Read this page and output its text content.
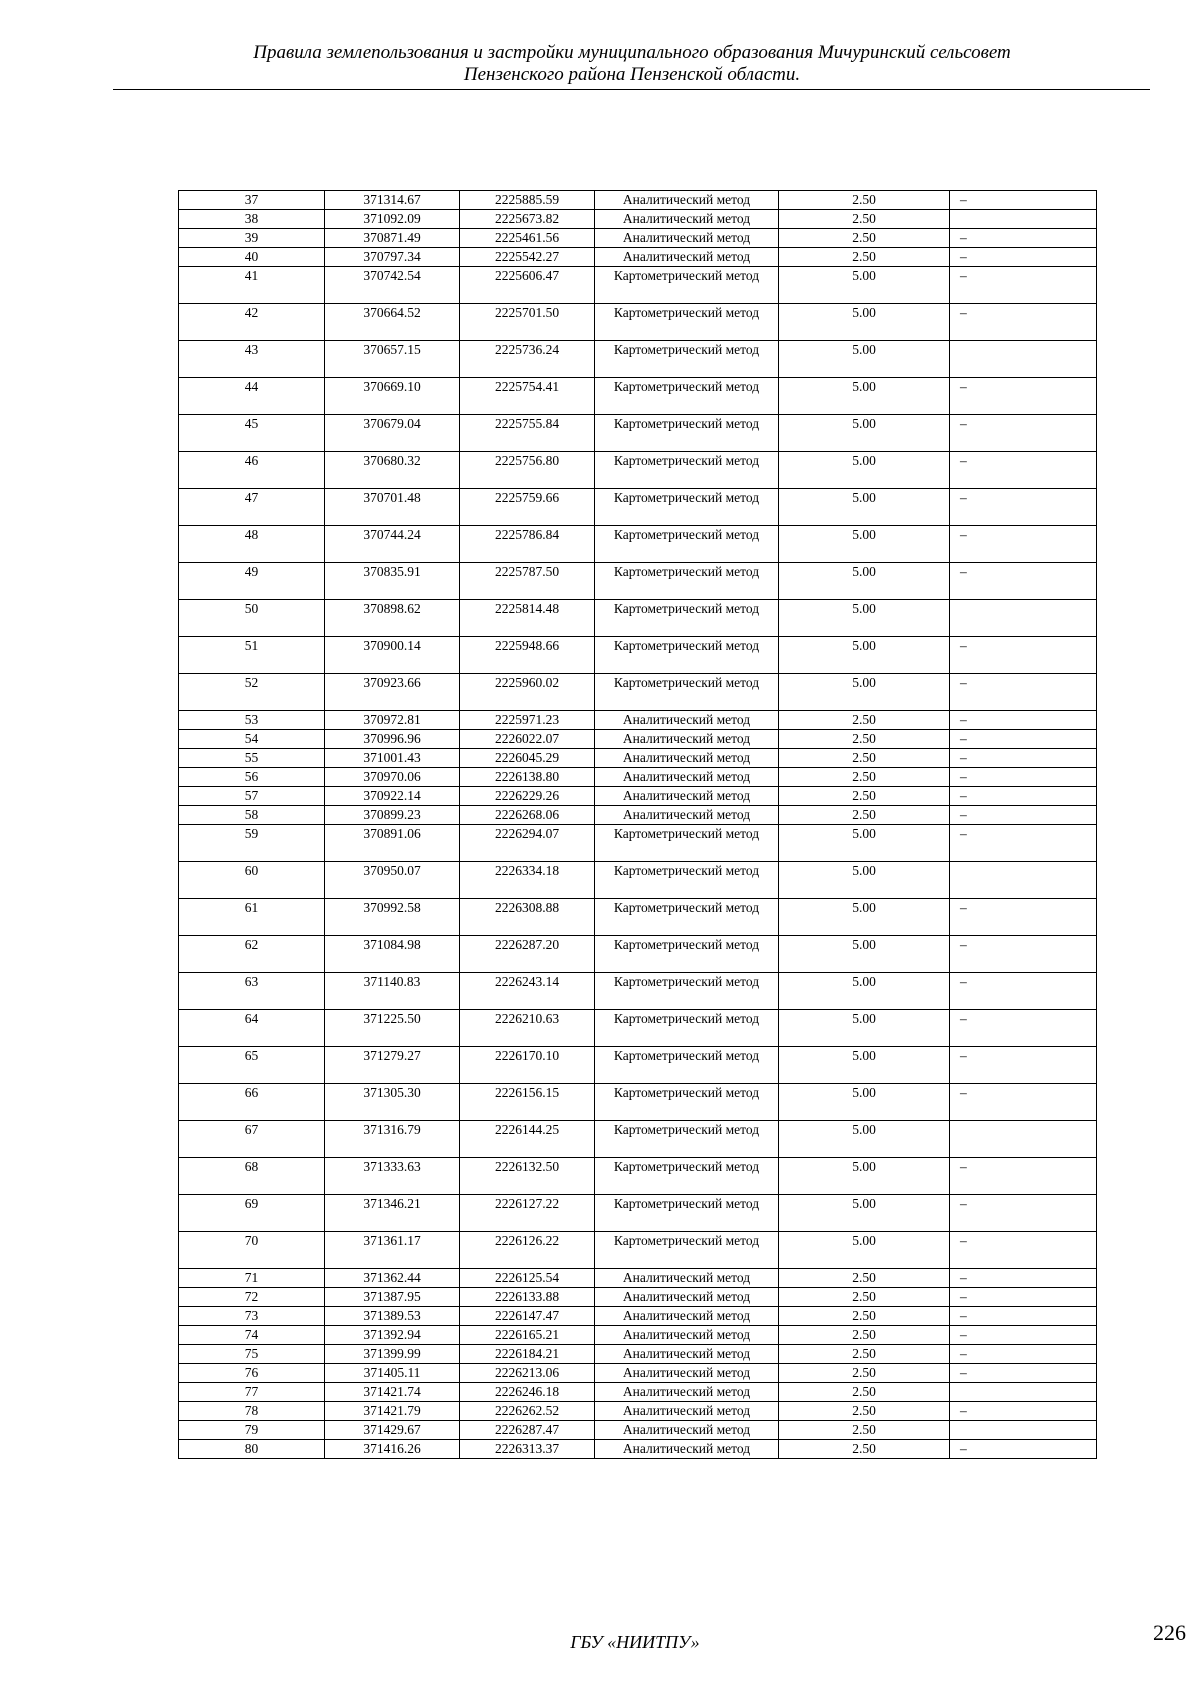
Правила землепользования и застройки муниципального образования Мичуринский сельсовет
Пензенского района Пензенской области.
37	371314.67	2225885.59	Аналитический метод	2.50	–
38	371092.09	2225673.82	Аналитический метод	2.50	
39	370871.49	2225461.56	Аналитический метод	2.50	–
40	370797.34	2225542.27	Аналитический метод	2.50	–
41	370742.54	2225606.47	Картометрический метод	5.00	–
42	370664.52	2225701.50	Картометрический метод	5.00	–
43	370657.15	2225736.24	Картометрический метод	5.00	
44	370669.10	2225754.41	Картометрический метод	5.00	–
45	370679.04	2225755.84	Картометрический метод	5.00	–
46	370680.32	2225756.80	Картометрический метод	5.00	–
47	370701.48	2225759.66	Картометрический метод	5.00	–
48	370744.24	2225786.84	Картометрический метод	5.00	–
49	370835.91	2225787.50	Картометрический метод	5.00	–
50	370898.62	2225814.48	Картометрический метод	5.00	
51	370900.14	2225948.66	Картометрический метод	5.00	–
52	370923.66	2225960.02	Картометрический метод	5.00	–
53	370972.81	2225971.23	Аналитический метод	2.50	–
54	370996.96	2226022.07	Аналитический метод	2.50	–
55	371001.43	2226045.29	Аналитический метод	2.50	–
56	370970.06	2226138.80	Аналитический метод	2.50	–
57	370922.14	2226229.26	Аналитический метод	2.50	–
58	370899.23	2226268.06	Аналитический метод	2.50	–
59	370891.06	2226294.07	Картометрический метод	5.00	–
60	370950.07	2226334.18	Картометрический метод	5.00	
61	370992.58	2226308.88	Картометрический метод	5.00	–
62	371084.98	2226287.20	Картометрический метод	5.00	–
63	371140.83	2226243.14	Картометрический метод	5.00	–
64	371225.50	2226210.63	Картометрический метод	5.00	–
65	371279.27	2226170.10	Картометрический метод	5.00	–
66	371305.30	2226156.15	Картометрический метод	5.00	–
67	371316.79	2226144.25	Картометрический метод	5.00	
68	371333.63	2226132.50	Картометрический метод	5.00	–
69	371346.21	2226127.22	Картометрический метод	5.00	–
70	371361.17	2226126.22	Картометрический метод	5.00	–
71	371362.44	2226125.54	Аналитический метод	2.50	–
72	371387.95	2226133.88	Аналитический метод	2.50	–
73	371389.53	2226147.47	Аналитический метод	2.50	–
74	371392.94	2226165.21	Аналитический метод	2.50	–
75	371399.99	2226184.21	Аналитический метод	2.50	–
76	371405.11	2226213.06	Аналитический метод	2.50	–
77	371421.74	2226246.18	Аналитический метод	2.50	
78	371421.79	2226262.52	Аналитический метод	2.50	–
79	371429.67	2226287.47	Аналитический метод	2.50	
80	371416.26	2226313.37	Аналитический метод	2.50	–
ГБУ «НИИТПУ»	226
